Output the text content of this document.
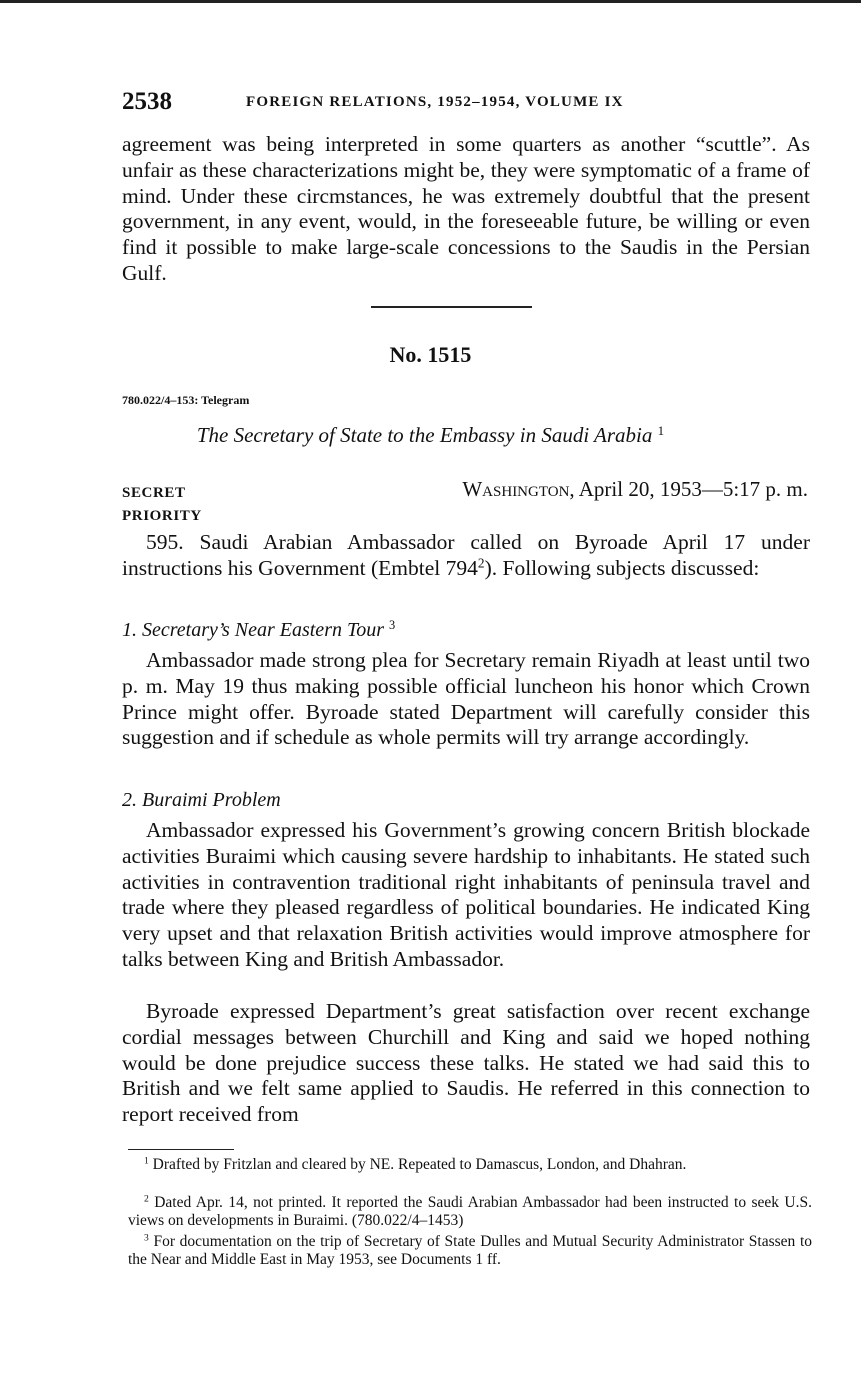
2538	FOREIGN RELATIONS, 1952–1954, VOLUME IX

agreement was being interpreted in some quarters as another “scuttle”. As unfair as these characterizations might be, they were symptomatic of a frame of mind. Under these circmstances, he was extremely doubtful that the present government, in any event, would, in the foreseeable future, be willing or even find it possible to make large-scale concessions to the Saudis in the Persian Gulf.

No. 1515
780.022/4–153: Telegram
The Secretary of State to the Embassy in Saudi Arabia $^1$
SECRET
PRIORITY
Washington, April 20, 1953—5:17 p. m.

595. Saudi Arabian Ambassador called on Byroade April 17 under instructions his Government (Embtel $794^2$). Following subjects discussed:

1. Secretary’s Near Eastern Tour $^3$

Ambassador made strong plea for Secretary remain Riyadh at least until two p. m. May 19 thus making possible official luncheon his honor which Crown Prince might offer. Byroade stated Department will carefully consider this suggestion and if schedule as whole permits will try arrange accordingly.

2. Buraimi Problem

Ambassador expressed his Government’s growing concern British blockade activities Buraimi which causing severe hardship to inhabitants. He stated such activities in contravention traditional right inhabitants of peninsula travel and trade where they pleased regardless of political boundaries. He indicated King very upset and that relaxation British activities would improve atmosphere for talks between King and British Ambassador.

Byroade expressed Department’s great satisfaction over recent exchange cordial messages between Churchill and King and said we hoped nothing would be done prejudice success these talks. He stated we had said this to British and we felt same applied to Saudis. He referred in this connection to report received from

$^1$ Drafted by Fritzlan and cleared by NE. Repeated to Damascus, London, and Dhahran.

$^2$ Dated Apr. 14, not printed. It reported the Saudi Arabian Ambassador had been instructed to seek U.S. views on developments in Buraimi. (780.022/4–1453)

$^3$ For documentation on the trip of Secretary of State Dulles and Mutual Security Administrator Stassen to the Near and Middle East in May 1953, see Documents 1 ff.
